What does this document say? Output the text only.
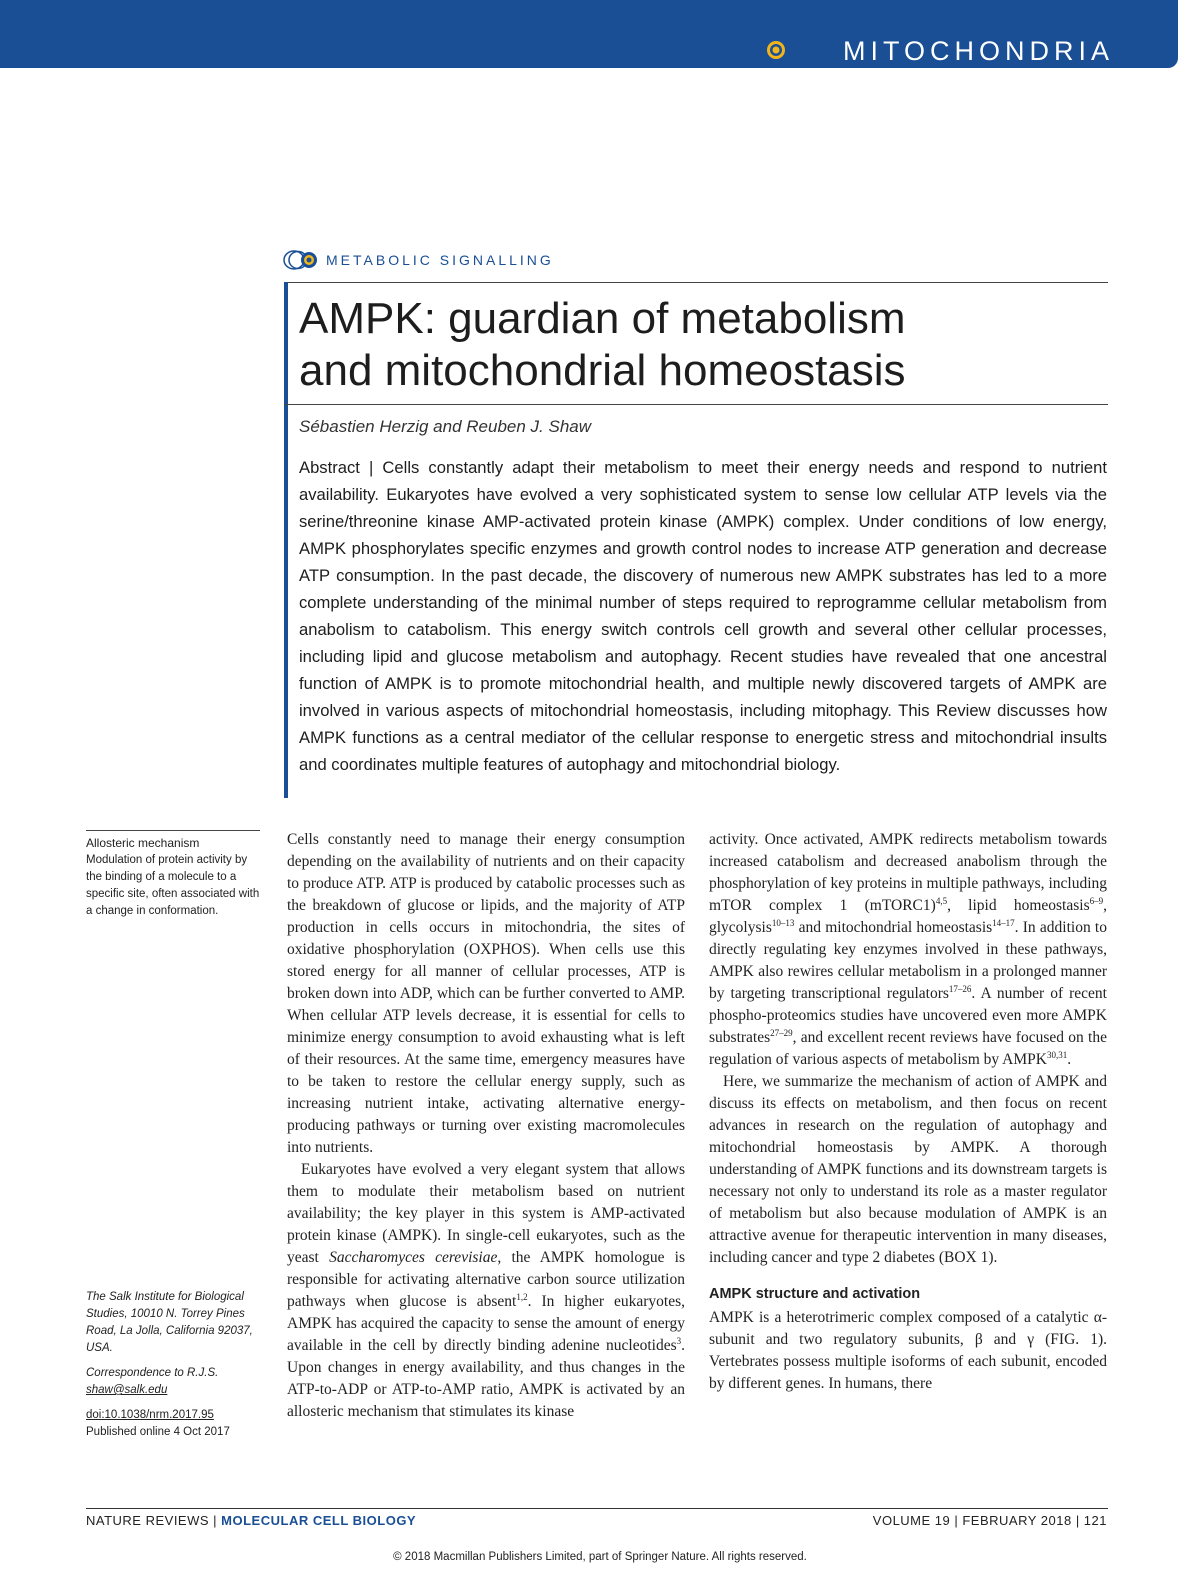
MITOCHONDRIA
METABOLIC SIGNALLING
AMPK: guardian of metabolism
and mitochondrial homeostasis
Sébastien Herzig and Reuben J. Shaw
Abstract | Cells constantly adapt their metabolism to meet their energy needs and respond to nutrient availability. Eukaryotes have evolved a very sophisticated system to sense low cellular ATP levels via the serine/threonine kinase AMP-activated protein kinase (AMPK) complex. Under conditions of low energy, AMPK phosphorylates specific enzymes and growth control nodes to increase ATP generation and decrease ATP consumption. In the past decade, the discovery of numerous new AMPK substrates has led to a more complete understanding of the minimal number of steps required to reprogramme cellular metabolism from anabolism to catabolism. This energy switch controls cell growth and several other cellular processes, including lipid and glucose metabolism and autophagy. Recent studies have revealed that one ancestral function of AMPK is to promote mitochondrial health, and multiple newly discovered targets of AMPK are involved in various aspects of mitochondrial homeostasis, including mitophagy. This Review discusses how AMPK functions as a central mediator of the cellular response to energetic stress and mitochondrial insults and coordinates multiple features of autophagy and mitochondrial biology.
Allosteric mechanism
Modulation of protein activity by the binding of a molecule to a specific site, often associated with a change in conformation.
The Salk Institute for Biological Studies, 10010 N. Torrey Pines Road, La Jolla, California 92037, USA.
Correspondence to R.J.S.
shaw@salk.edu
doi:10.1038/nrm.2017.95
Published online 4 Oct 2017

Cells constantly need to manage their energy consumption depending on the availability of nutrients and on their capacity to produce ATP. ATP is produced by catabolic processes such as the breakdown of glucose or lipids, and the majority of ATP production in cells occurs in mitochondria, the sites of oxidative phosphorylation (OXPHOS). When cells use this stored energy for all manner of cellular processes, ATP is broken down into ADP, which can be further converted to AMP. When cellular ATP levels decrease, it is essential for cells to minimize energy consumption to avoid exhausting what is left of their resources. At the same time, emergency measures have to be taken to restore the cellular energy supply, such as increasing nutrient intake, activating alternative energy-producing pathways or turning over existing macromolecules into nutrients.

Eukaryotes have evolved a very elegant system that allows them to modulate their metabolism based on nutrient availability; the key player in this system is AMP-activated protein kinase (AMPK). In single-cell eukaryotes, such as the yeast Saccharomyces cerevisiae, the AMPK homologue is responsible for activating alternative carbon source utilization pathways when glucose is absent$^{1,2}$. In higher eukaryotes, AMPK has acquired the capacity to sense the amount of energy available in the cell by directly binding adenine nucleotides$^3$. Upon changes in energy availability, and thus changes in the ATP-to-ADP or ATP-to-AMP ratio, AMPK is activated by an allosteric mechanism that stimulates its kinase

activity. Once activated, AMPK redirects metabolism towards increased catabolism and decreased anabolism through the phosphorylation of key proteins in multiple pathways, including mTOR complex 1 (mTORC1)$^{4,5}$, lipid homeostasis$^{6-9}$, glycolysis$^{10-13}$ and mitochondrial homeostasis$^{14-17}$. In addition to directly regulating key enzymes involved in these pathways, AMPK also rewires cellular metabolism in a prolonged manner by targeting transcriptional regulators$^{17-26}$. A number of recent phospho-proteomics studies have uncovered even more AMPK substrates$^{27-29}$, and excellent recent reviews have focused on the regulation of various aspects of metabolism by AMPK$^{30,31}$.

Here, we summarize the mechanism of action of AMPK and discuss its effects on metabolism, and then focus on recent advances in research on the regulation of autophagy and mitochondrial homeostasis by AMPK. A thorough understanding of AMPK functions and its downstream targets is necessary not only to understand its role as a master regulator of metabolism but also because modulation of AMPK is an attractive avenue for therapeutic intervention in many diseases, including cancer and type 2 diabetes (BOX 1).

AMPK structure and activation

AMPK is a heterotrimeric complex composed of a catalytic α-subunit and two regulatory subunits, β and γ (FIG. 1). Vertebrates possess multiple isoforms of each subunit, encoded by different genes. In humans, there

NATURE REVIEWS | MOLECULAR CELL BIOLOGY	VOLUME 19 | FEBRUARY 2018 | 121
© 2018 Macmillan Publishers Limited, part of Springer Nature. All rights reserved.
